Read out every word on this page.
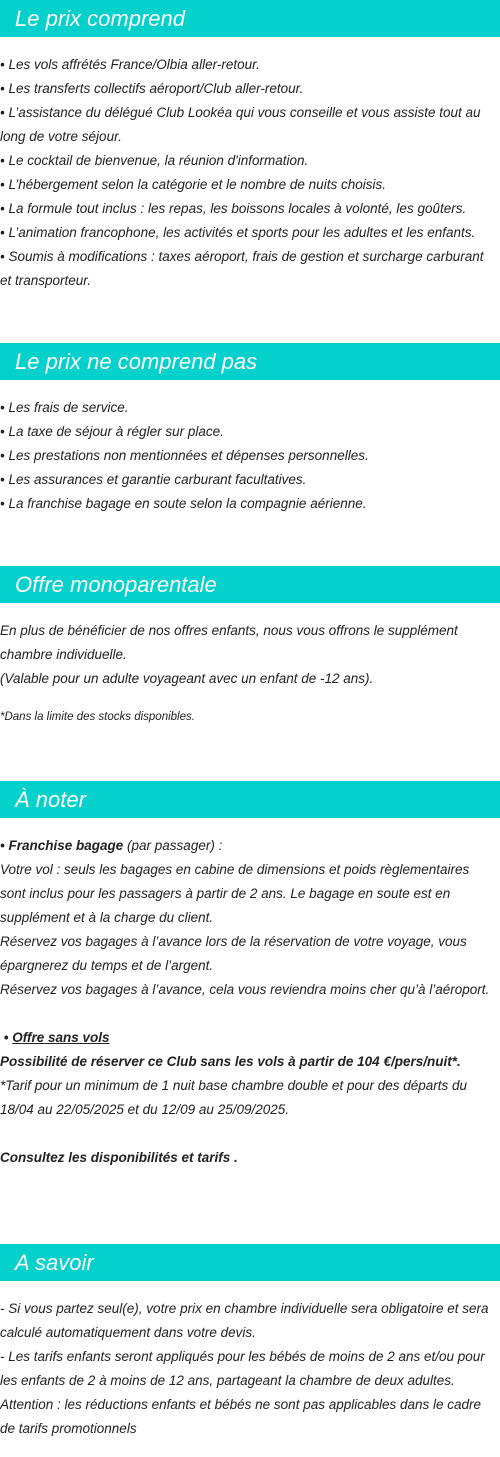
Le prix comprend

• Les vols affrétés France/Olbia aller-retour.

• Les transferts collectifs aéroport/Club aller-retour.

• L’assistance du délégué Club Lookéa qui vous conseille et vous assiste tout au long de votre séjour.

• Le cocktail de bienvenue, la réunion d'information.

• L’hébergement selon la catégorie et le nombre de nuits choisis.

• La formule tout inclus : les repas, les boissons locales à volonté, les goûters.

• L’animation francophone, les activités et sports pour les adultes et les enfants.

• Soumis à modifications : taxes aéroport, frais de gestion et surcharge carburant et transporteur.

Le prix ne comprend pas

• Les frais de service.

• La taxe de séjour à régler sur place.

• Les prestations non mentionnées et dépenses personnelles.

• Les assurances et garantie carburant facultatives.

• La franchise bagage en soute selon la compagnie aérienne.

Offre monoparentale

En plus de bénéficier de nos offres enfants, nous vous offrons le supplément chambre individuelle.

(Valable pour un adulte voyageant avec un enfant de -12 ans).

*Dans la limite des stocks disponibles.

À noter

• Franchise bagage (par passager) :

Votre vol : seuls les bagages en cabine de dimensions et poids règlementaires sont inclus pour les passagers à partir de 2 ans. Le bagage en soute est en supplément et à la charge du client.

Réservez vos bagages à l’avance lors de la réservation de votre voyage, vous épargnerez du temps et de l’argent.

Réservez vos bagages à l’avance, cela vous reviendra moins cher qu’à l’aéroport.

• Offre sans vols

Possibilité de réserver ce Club sans les vols à partir de 104 €/pers/nuit*.

*Tarif pour un minimum de 1 nuit base chambre double et pour des départs du 18/04 au 22/05/2025 et du 12/09 au 25/09/2025.

Consultez les disponibilités et tarifs .

A savoir

- Si vous partez seul(e), votre prix en chambre individuelle sera obligatoire et sera calculé automatiquement dans votre devis.

- Les tarifs enfants seront appliqués pour les bébés de moins de 2 ans et/ou pour les enfants de 2 à moins de 12 ans, partageant la chambre de deux adultes.

Attention : les réductions enfants et bébés ne sont pas applicables dans le cadre de tarifs promotionnels
